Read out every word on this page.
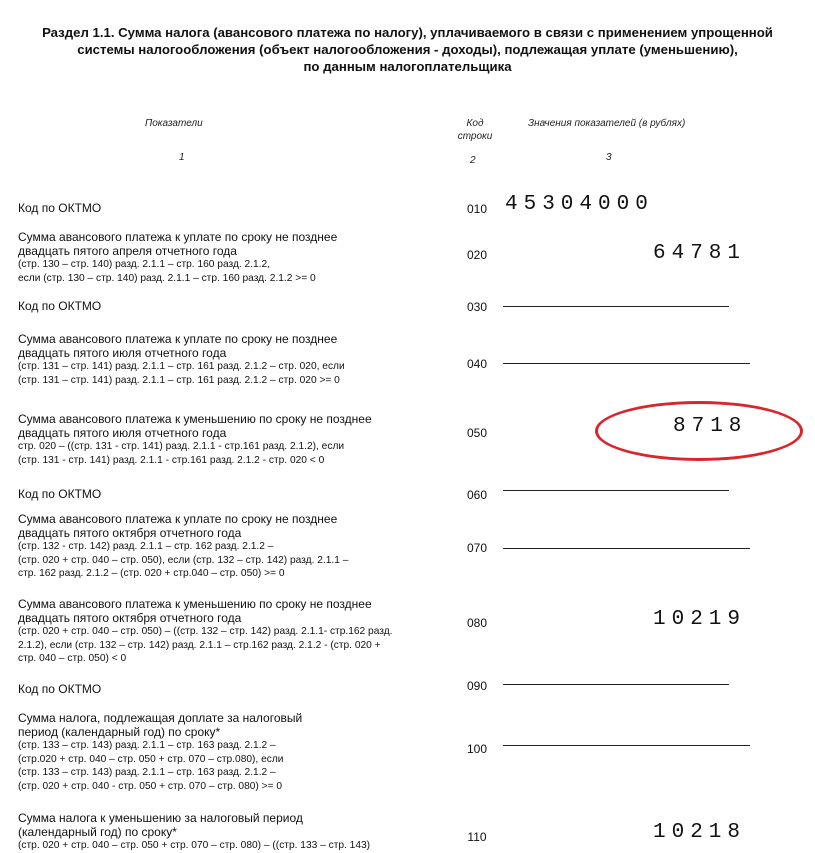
Раздел 1.1. Сумма налога (авансового платежа по налогу), уплачиваемого в связи с применением упрощенной
системы налогообложения (объект налогообложения - доходы), подлежащая уплате (уменьшению),
по данным налогоплательщика
Показатели	Код
строки
Значения показателей (в рублях)
1	2	3
Код по ОКТМО	010 45304000
Сумма авансового платежа к уплате по сроку не позднее
двадцать пятого апреля отчетного года
(стр. 130 – стр. 140) разд. 2.1.1 – стр. 160 разд. 2.1.2,
если (стр. 130 – стр. 140) разд. 2.1.1 – стр. 160 разд. 2.1.2 >= 0
020	64781
Код по ОКТМО	030
Сумма авансового платежа к уплате по сроку не позднее
двадцать пятого июля отчетного года
(стр. 131 – стр. 141) разд. 2.1.1 – стр. 161 разд. 2.1.2 – стр. 020, если
(стр. 131 – стр. 141) разд. 2.1.1 – стр. 161 разд. 2.1.2 – стр. 020 >= 0
040
Сумма авансового платежа к уменьшению по сроку не позднее
двадцать пятого июля отчетного года
стр. 020 – ((стр. 131 - стр. 141) разд. 2.1.1 - стр.161 разд. 2.1.2), если
(стр. 131 - стр. 141) разд. 2.1.1 - стр.161 разд. 2.1.2 - стр. 020 < 0
050	8718
Код по ОКТМО	060
Сумма авансового платежа к уплате по сроку не позднее
двадцать пятого октября отчетного года
(стр. 132 - стр. 142) разд. 2.1.1 – стр. 162 разд. 2.1.2 –
(стр. 020 + стр. 040 – стр. 050), если (стр. 132 – стр. 142) разд. 2.1.1 –
стр. 162 разд. 2.1.2 – (стр. 020 + стр.040 – стр. 050) >= 0
070
Сумма авансового платежа к уменьшению по сроку не позднее
двадцать пятого октября отчетного года
(стр. 020 + стр. 040 – стр. 050) – ((стр. 132 – стр. 142) разд. 2.1.1- стр.162 разд.
2.1.2), если (стр. 132 – стр. 142) разд. 2.1.1 – стр.162 разд. 2.1.2 - (стр. 020 +
стр. 040 – стр. 050) < 0
080	10219
Код по ОКТМО	090
Сумма налога, подлежащая доплате за налоговый
период (календарный год) по сроку*
(стр. 133 – стр. 143) разд. 2.1.1 – стр. 163 разд. 2.1.2 –
(стр.020 + стр. 040 – стр. 050 + стр. 070 – стр.080), если
(стр. 133 – стр. 143) разд. 2.1.1 – стр. 163 разд. 2.1.2 –
(стр. 020 + стр. 040 - стр. 050 + стр. 070 – стр. 080) >= 0
100
Сумма налога к уменьшению за налоговый период
(календарный год) по сроку*
(стр. 020 + стр. 040 – стр. 050 + стр. 070 – стр. 080) – ((стр. 133 – стр. 143)
110	10218
